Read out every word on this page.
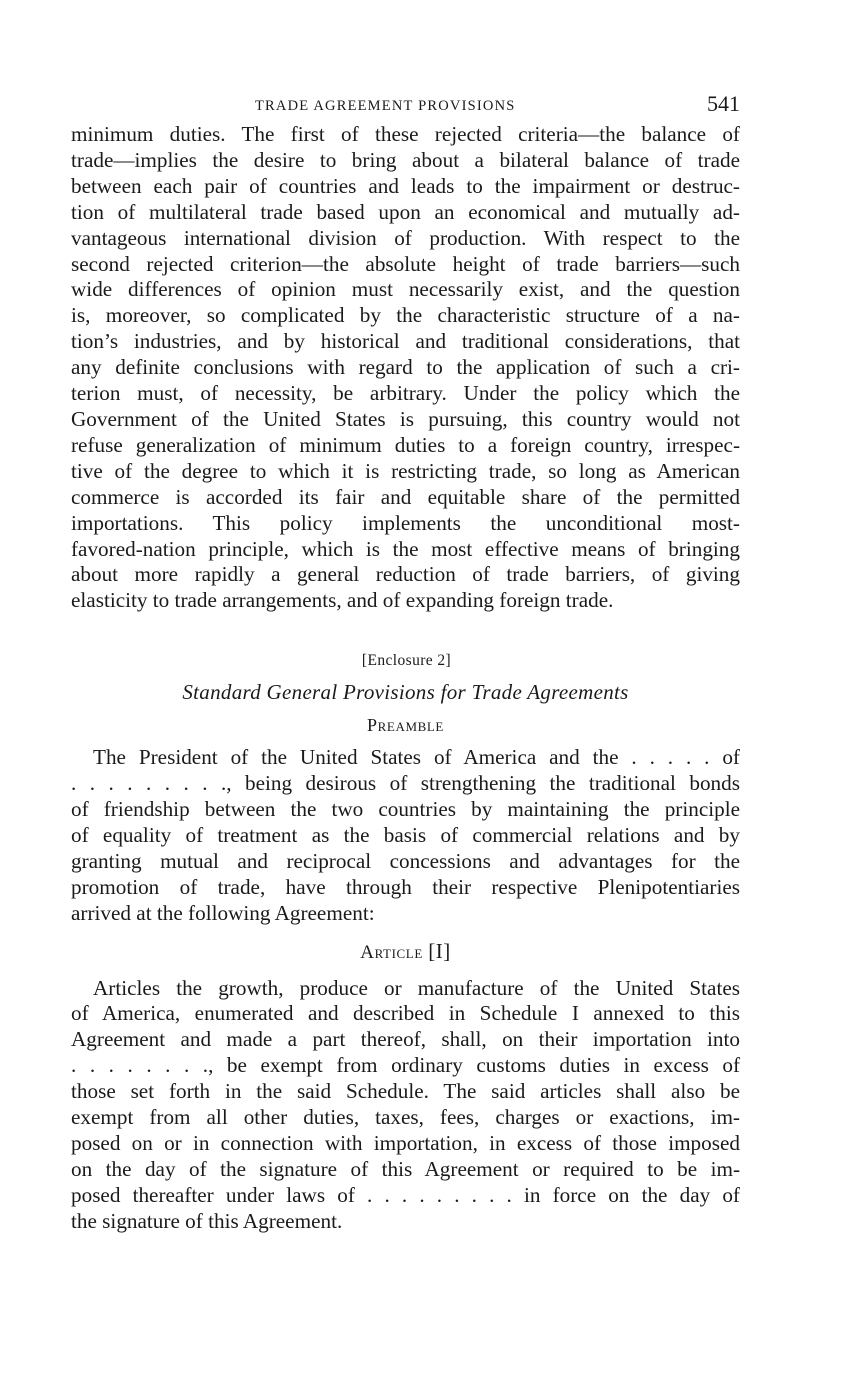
TRADE AGREEMENT PROVISIONS	541

minimum duties. The first of these rejected criteria—the balance of
trade—implies the desire to bring about a bilateral balance of trade
between each pair of countries and leads to the impairment or destruc-
tion of multilateral trade based upon an economical and mutually ad-
vantageous international division of production. With respect to the
second rejected criterion—the absolute height of trade barriers—such
wide differences of opinion must necessarily exist, and the question
is, moreover, so complicated by the characteristic structure of a na-
tion’s industries, and by historical and traditional considerations, that
any definite conclusions with regard to the application of such a cri-
terion must, of necessity, be arbitrary. Under the policy which the
Government of the United States is pursuing, this country would not
refuse generalization of minimum duties to a foreign country, irrespec-
tive of the degree to which it is restricting trade, so long as American
commerce is accorded its fair and equitable share of the permitted
importations. This policy implements the unconditional most-
favored-nation principle, which is the most effective means of bringing
about more rapidly a general reduction of trade barriers, of giving
elasticity to trade arrangements, and of expanding foreign trade.

[Enclosure 2]

Standard General Provisions for Trade Agreements

Preamble

The President of the United States of America and the . . . . . of
. . . . . . . . ., being desirous of strengthening the traditional bonds
of friendship between the two countries by maintaining the principle
of equality of treatment as the basis of commercial relations and by
granting mutual and reciprocal concessions and advantages for the
promotion of trade, have through their respective Plenipotentiaries
arrived at the following Agreement:

Article [I]

Articles the growth, produce or manufacture of the United States
of America, enumerated and described in Schedule I annexed to this
Agreement and made a part thereof, shall, on their importation into
. . . . . . . ., be exempt from ordinary customs duties in excess of
those set forth in the said Schedule. The said articles shall also be
exempt from all other duties, taxes, fees, charges or exactions, im-
posed on or in connection with importation, in excess of those imposed
on the day of the signature of this Agreement or required to be im-
posed thereafter under laws of . . . . . . . . . in force on the day of
the signature of this Agreement.
